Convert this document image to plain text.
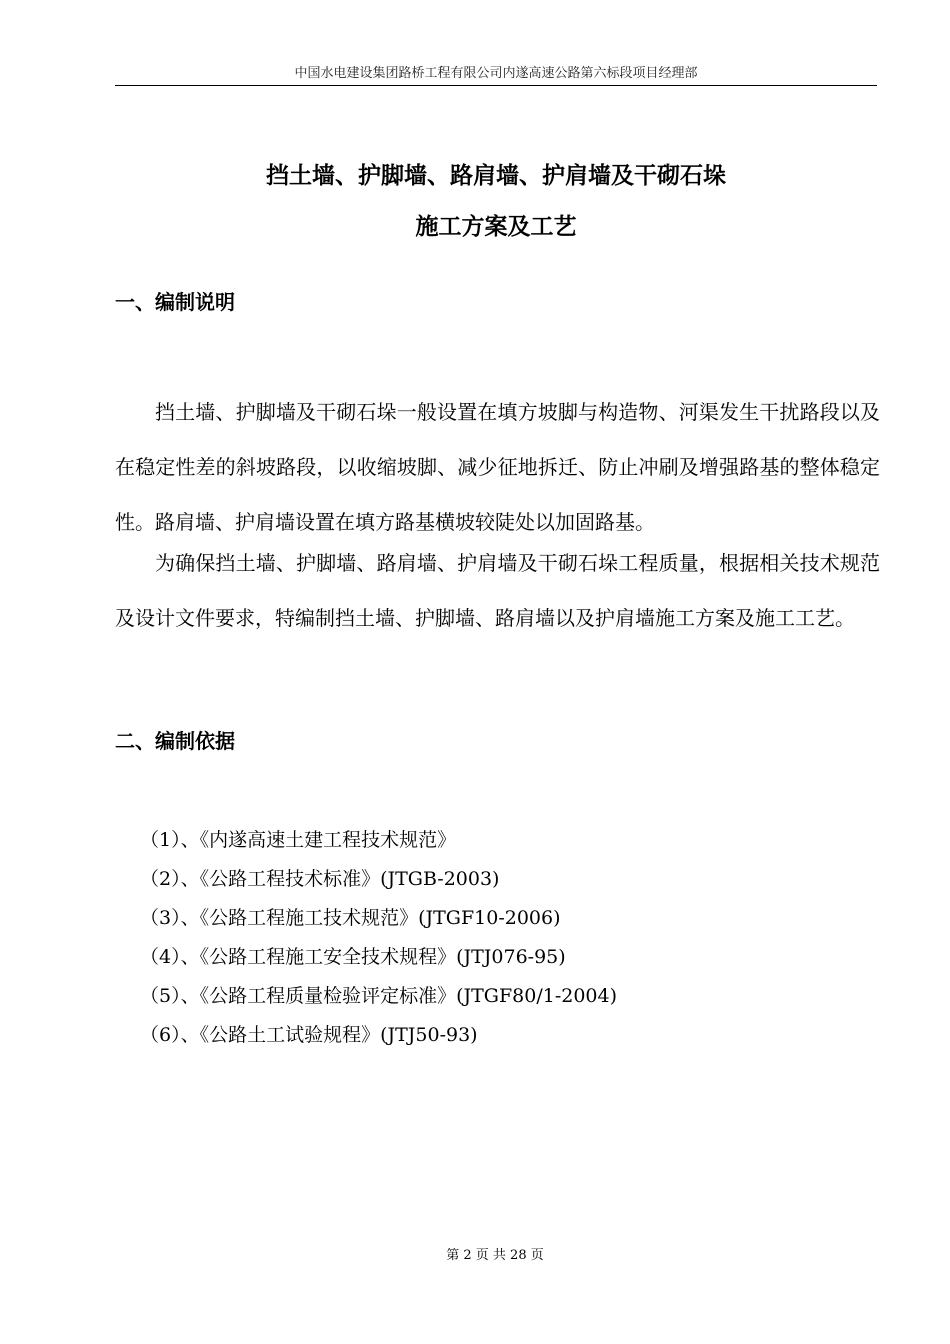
中国水电建设集团路桥工程有限公司内遂高速公路第六标段项目经理部
挡土墙、护脚墙、路肩墙、护肩墙及干砌石垛
施工方案及工艺
一、编制说明

挡土墙、护脚墙及干砌石垛一般设置在填方坡脚与构造物、河渠发生干扰路段以及在稳定性差的斜坡路段，以收缩坡脚、减少征地拆迁、防止冲刷及增强路基的整体稳定性。路肩墙、护肩墙设置在填方路基横坡较陡处以加固路基。

为确保挡土墙、护脚墙、路肩墙、护肩墙及干砌石垛工程质量，根据相关技术规范及设计文件要求，特编制挡土墙、护脚墙、路肩墙以及护肩墙施工方案及施工工艺。

二、编制依据
（1）、《内遂高速土建工程技术规范》
（2）、《公路工程技术标准》(JTGB-2003)
（3）、《公路工程施工技术规范》(JTGF10-2006)
（4）、《公路工程施工安全技术规程》(JTJ076-95)
（5）、《公路工程质量检验评定标准》(JTGF80/1-2004)
（6）、《公路土工试验规程》(JTJ50-93)
第 2 页 共 28 页
